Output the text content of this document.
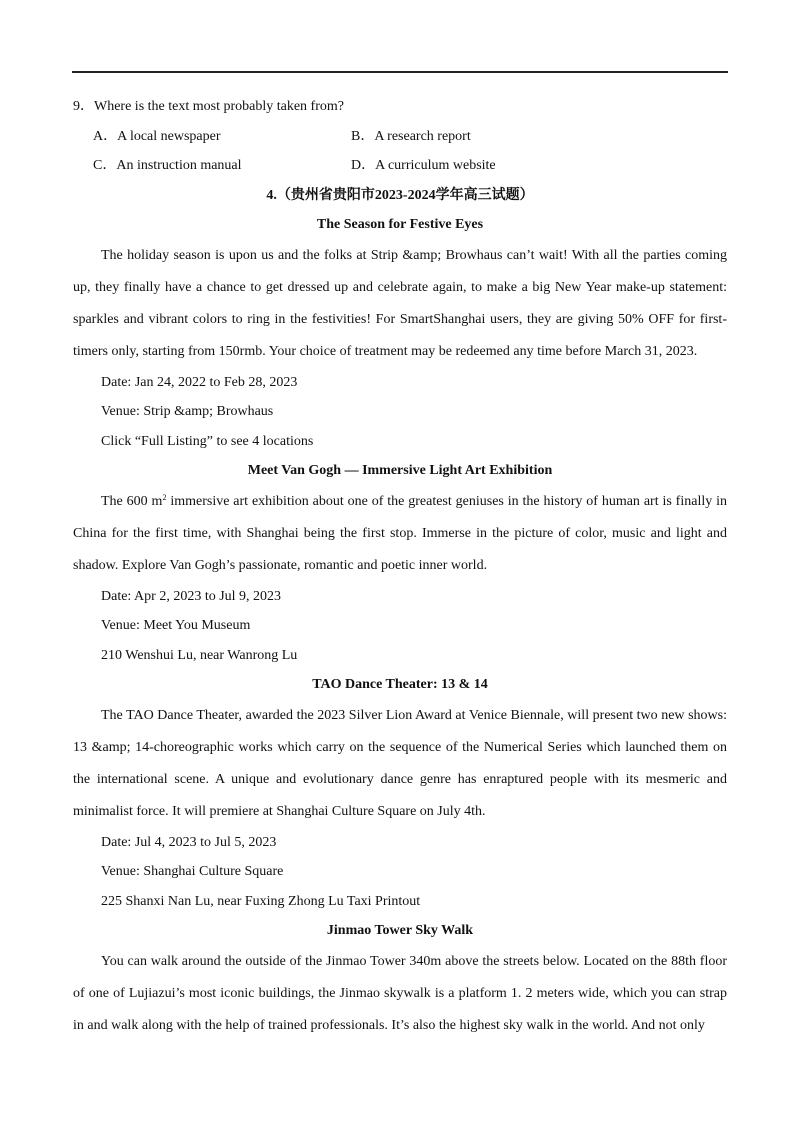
9．Where is the text most probably taken from?
A．A local newspaper	B．A research report
C．An instruction manual	D．A curriculum website
4.（贵州省贵阳市2023-2024学年高三试题）
The Season for Festive Eyes
The holiday season is upon us and the folks at Strip &amp; Browhaus can’t wait! With all the parties coming up, they finally have a chance to get dressed up and celebrate again, to make a big New Year make-up statement: sparkles and vibrant colors to ring in the festivities! For SmartShanghai users, they are giving 50% OFF for first-timers only, starting from 150rmb. Your choice of treatment may be redeemed any time before March 31, 2023.
Date: Jan 24, 2022 to Feb 28, 2023
Venue: Strip &amp; Browhaus
Click “Full Listing” to see 4 locations
Meet Van Gogh — Immersive Light Art Exhibition
The 600 $m^2$ immersive art exhibition about one of the greatest geniuses in the history of human art is finally in China for the first time, with Shanghai being the first stop. Immerse in the picture of color, music and light and shadow. Explore Van Gogh’s passionate, romantic and poetic inner world.
Date: Apr 2, 2023 to Jul 9, 2023
Venue: Meet You Museum
210 Wenshui Lu, near Wanrong Lu
TAO Dance Theater: 13 & 14
The TAO Dance Theater, awarded the 2023 Silver Lion Award at Venice Biennale, will present two new shows: 13 &amp; 14-choreographic works which carry on the sequence of the Numerical Series which launched them on the international scene. A unique and evolutionary dance genre has enraptured people with its mesmeric and minimalist force. It will premiere at Shanghai Culture Square on July 4th.
Date: Jul 4, 2023 to Jul 5, 2023
Venue: Shanghai Culture Square
225 Shanxi Nan Lu, near Fuxing Zhong Lu Taxi Printout
Jinmao Tower Sky Walk
You can walk around the outside of the Jinmao Tower 340m above the streets below. Located on the 88th floor of one of Lujiazui’s most iconic buildings, the Jinmao skywalk is a platform 1. 2 meters wide, which you can strap in and walk along with the help of trained professionals. It’s also the highest sky walk in the world. And not only
